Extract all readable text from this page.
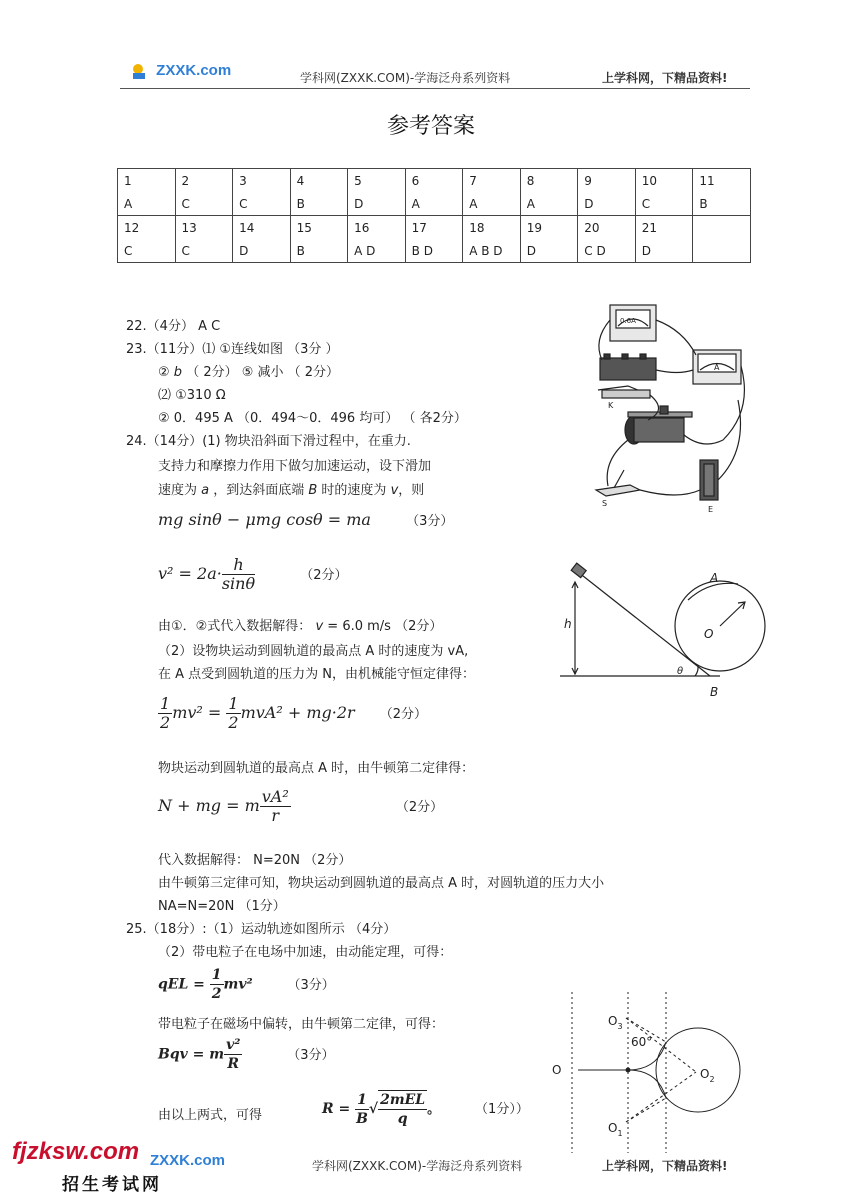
ZXXK.com	学科网(ZXXK.COM)-学海泛舟系列资料	上学科网，下精品资料!
参考答案
1	2	3	4	5	6	7	8	9	10	11
A	C	C	B	D	A	A	A	D	C	B
12	13	14	15	16	17	18	19	20	21	
C	C	D	B	A D	B D	A B D	D	C D	D	
22.（4分） A C
23.（11分）⑴ ①连线如图 （3分 ）
② b （ 2分） ⑤ 减小 （ 2分）
⑵ ①310 Ω
② 0．495 A （0．494～0．496 均可） （ 各2分）
0.6A
A
K
S
E
24.（14分）(1) 物块沿斜面下滑过程中，在重力.
支持力和摩擦力作用下做匀加速运动，设下滑加
速度为 a ，到达斜面底端 B 时的速度为 v，则
mg sinθ − μmg cosθ = ma	（3分）
$v^2 = 2a\cdot \frac{h}{\sin\theta}$	（2分）
由①．②式代入数据解得： v = 6.0 m/s （2分）
（2）设物块运动到圆轨道的最高点 A 时的速度为 vA,
在 A 点受到圆轨道的压力为 N，由机械能守恒定律得：
h
A
O
θ
B
$\frac{1}{2} mv^2 = \frac{1}{2} mvA^2 + mg\cdot 2r$ （2分）
物块运动到圆轨道的最高点 A 时，由牛顿第二定律得：
N + mg = m $\frac{\text{vA²}}{r}$	（2分）
代入数据解得： N=20N （2分）
由牛顿第三定律可知，物块运动到圆轨道的最高点 A 时，对圆轨道的压力大小
NA=N=20N （1分）
25.（18分）:（1）运动轨迹如图所示 （4分）
（2）带电粒子在电场中加速，由动能定理，可得：
qEL = $\frac{1}{2} mv^2$	（3分）
带电粒子在磁场中偏转，由牛顿第二定律，可得：
Bqv = m $\frac{\text{v²}}{R}$	（3分）
由以上两式，可得	$R = \frac{1}{B}$ √ $\frac{\text{2mEL}}{q}$ 。	（1分））
$O_3$
60°
O	$O_2$
$O_1$
学科网(ZXXK.COM)-学海泛舟系列资料	上学科网，下精品资料!
fjzksw.com ZXXK.com
招生考试网
